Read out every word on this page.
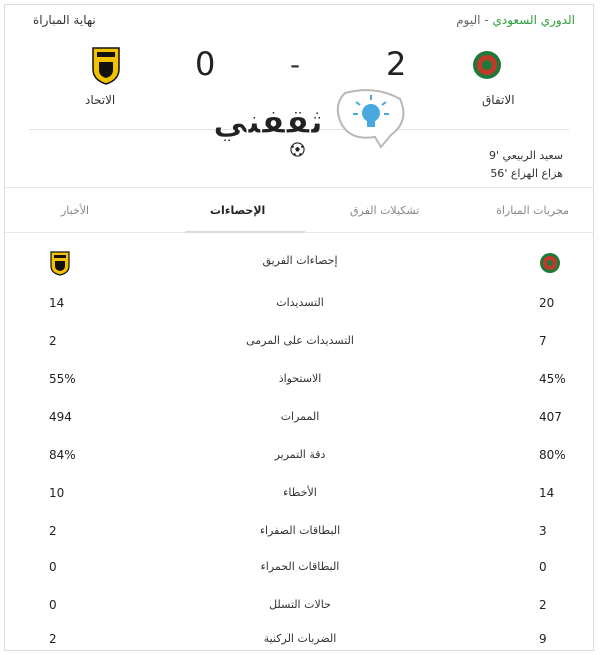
الدوري السعودي - اليوم
نهاية المباراة
الاتفاق
الاتحاد
2
-
0
ثقفني
سعيد الربيعي '9
هزاع الهزاع '56
مجريات المباراة
تشكيلات الفرق
الإحصاءات
الأخبار
إحصاءات الفريق
20
التسديدات
14
7
التسديدات على المرمى
2
45%
الاستحواذ
55%
407
الممرات
494
80%
دقة التمرير
84%
14
الأخطاء
10
3
البطاقات الصفراء
2
0
البطاقات الحمراء
0
2
حالات التسلل
0
9
الضربات الركنية
2
